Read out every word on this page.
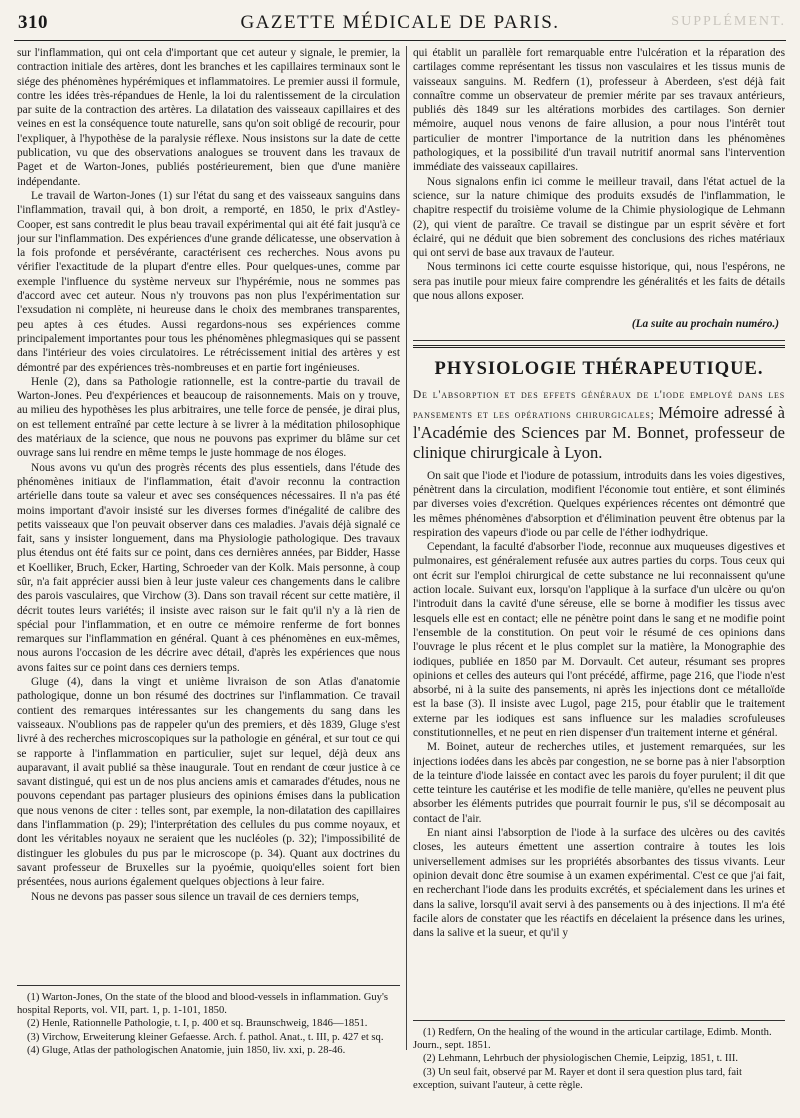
310	GAZETTE MÉDICALE DE PARIS.	SUPPLÉMENT.

sur l'inflammation, qui ont cela d'important que cet auteur y signale, le premier, la contraction initiale des artères, dont les branches et les capillaires terminaux sont le siége des phénomènes hypérémiques et inflammatoires. Le premier aussi il formule, contre les idées très-répandues de Henle, la loi du ralentissement de la circulation par suite de la contraction des artères. La dilatation des vaisseaux capillaires et des veines en est la conséquence toute naturelle, sans qu'on soit obligé de recourir, pour l'expliquer, à l'hypothèse de la paralysie réflexe. Nous insistons sur la date de cette publication, vu que des observations analogues se trouvent dans les travaux de Paget et de Warton-Jones, publiés postérieurement, bien que d'une manière indépendante.

Le travail de Warton-Jones (1) sur l'état du sang et des vaisseaux sanguins dans l'inflammation, travail qui, à bon droit, a remporté, en 1850, le prix d'Astley-Cooper, est sans contredit le plus beau travail expérimental qui ait été fait jusqu'à ce jour sur l'inflammation. Des expériences d'une grande délicatesse, une observation à la fois profonde et persévérante, caractérisent ces recherches. Nous avons pu vérifier l'exactitude de la plupart d'entre elles. Pour quelques-unes, comme par exemple l'influence du système nerveux sur l'hypérémie, nous ne sommes pas d'accord avec cet auteur. Nous n'y trouvons pas non plus l'expérimentation sur l'exsudation ni complète, ni heureuse dans le choix des membranes transparentes, peu aptes à ces études. Aussi regardons-nous ses expériences comme principalement importantes pour tous les phénomènes phlegmasiques qui se passent dans l'intérieur des voies circulatoires. Le rétrécissement initial des artères y est démontré par des expériences très-nombreuses et en partie fort ingénieuses.

Henle (2), dans sa Pathologie rationnelle, est la contre-partie du travail de Warton-Jones. Peu d'expériences et beaucoup de raisonnements. Mais on y trouve, au milieu des hypothèses les plus arbitraires, une telle force de pensée, je dirai plus, on est tellement entraîné par cette lecture à se livrer à la méditation philosophique des matériaux de la science, que nous ne pouvons pas exprimer du blâme sur cet ouvrage sans lui rendre en même temps le juste hommage de nos éloges.

Nous avons vu qu'un des progrès récents des plus essentiels, dans l'étude des phénomènes initiaux de l'inflammation, était d'avoir reconnu la contraction artérielle dans toute sa valeur et avec ses conséquences nécessaires. Il n'a pas été moins important d'avoir insisté sur les diverses formes d'inégalité de calibre des petits vaisseaux que l'on peuvait observer dans ces maladies. J'avais déjà signalé ce fait, sans y insister longuement, dans ma Physiologie pathologique. Des travaux plus étendus ont été faits sur ce point, dans ces dernières années, par Bidder, Hasse et Koelliker, Bruch, Ecker, Harting, Schroeder van der Kolk. Mais personne, à coup sûr, n'a fait apprécier aussi bien à leur juste valeur ces changements dans le calibre des parois vasculaires, que Virchow (3). Dans son travail récent sur cette matière, il décrit toutes leurs variétés; il insiste avec raison sur le fait qu'il n'y a là rien de spécial pour l'inflammation, et en outre ce mémoire renferme de fort bonnes remarques sur l'inflammation en général. Quant à ces phénomènes en eux-mêmes, nous aurons l'occasion de les décrire avec détail, d'après les expériences que nous avons faites sur ce point dans ces derniers temps.

Gluge (4), dans la vingt et unième livraison de son Atlas d'anatomie pathologique, donne un bon résumé des doctrines sur l'inflammation. Ce travail contient des remarques intéressantes sur les changements du sang dans les vaisseaux. N'oublions pas de rappeler qu'un des premiers, et dès 1839, Gluge s'est livré à des recherches microscopiques sur la pathologie en général, et sur tout ce qui se rapporte à l'inflammation en particulier, sujet sur lequel, déjà deux ans auparavant, il avait publié sa thèse inaugurale. Tout en rendant de cœur justice à ce savant distingué, qui est un de nos plus anciens amis et camarades d'études, nous ne pouvons cependant pas partager plusieurs des opinions émises dans la publication que nous venons de citer : telles sont, par exemple, la non-dilatation des capillaires dans l'inflammation (p. 29); l'interprétation des cellules du pus comme noyaux, et dont les véritables noyaux ne seraient que les nucléoles (p. 32); l'impossibilité de distinguer les globules du pus par le microscope (p. 34). Quant aux doctrines du savant professeur de Bruxelles sur la pyoémie, quoiqu'elles soient fort bien présentées, nous aurions également quelques objections à leur faire.

Nous ne devons pas passer sous silence un travail de ces derniers temps,

qui établit un parallèle fort remarquable entre l'ulcération et la réparation des cartilages comme représentant les tissus non vasculaires et les tissus munis de vaisseaux sanguins. M. Redfern (1), professeur à Aberdeen, s'est déjà fait connaître comme un observateur de premier mérite par ses travaux antérieurs, publiés dès 1849 sur les altérations morbides des cartilages. Son dernier mémoire, auquel nous venons de faire allusion, a pour nous l'intérêt tout particulier de montrer l'importance de la nutrition dans les phénomènes pathologiques, et la possibilité d'un travail nutritif anormal sans l'intervention immédiate des vaisseaux capillaires.

Nous signalons enfin ici comme le meilleur travail, dans l'état actuel de la science, sur la nature chimique des produits exsudés de l'inflammation, le chapitre respectif du troisième volume de la Chimie physiologique de Lehmann (2), qui vient de paraître. Ce travail se distingue par un esprit sévère et fort éclairé, qui ne déduit que bien sobrement des conclusions des riches matériaux qui ont servi de base aux travaux de l'auteur.

Nous terminons ici cette courte esquisse historique, qui, nous l'espérons, ne sera pas inutile pour mieux faire comprendre les généralités et les faits de détails que nous allons exposer.

(La suite au prochain numéro.)

PHYSIOLOGIE THÉRAPEUTIQUE.
De l'absorption et des effets généraux de l'iode employé dans les pansements et les opérations chirurgicales; Mémoire adressé à l'Académie des Sciences par M. Bonnet, professeur de clinique chirurgicale à Lyon.

On sait que l'iode et l'iodure de potassium, introduits dans les voies digestives, pénètrent dans la circulation, modifient l'économie tout entière, et sont éliminés par diverses voies d'excrétion. Quelques expériences récentes ont démontré que les mêmes phénomènes d'absorption et d'élimination peuvent être obtenus par la respiration des vapeurs d'iode ou par celle de l'éther iodhydrique.

Cependant, la faculté d'absorber l'iode, reconnue aux muqueuses digestives et pulmonaires, est généralement refusée aux autres parties du corps. Tous ceux qui ont écrit sur l'emploi chirurgical de cette substance ne lui reconnaissent qu'une action locale. Suivant eux, lorsqu'on l'applique à la surface d'un ulcère ou qu'on l'introduit dans la cavité d'une séreuse, elle se borne à modifier les tissus avec lesquels elle est en contact; elle ne pénètre point dans le sang et ne modifie point l'ensemble de la constitution. On peut voir le résumé de ces opinions dans l'ouvrage le plus récent et le plus complet sur la matière, la Monographie des iodiques, publiée en 1850 par M. Dorvault. Cet auteur, résumant ses propres opinions et celles des auteurs qui l'ont précédé, affirme, page 216, que l'iode n'est absorbé, ni à la suite des pansements, ni après les injections dont ce métalloïde est la base (3). Il insiste avec Lugol, page 215, pour établir que le traitement externe par les iodiques est sans influence sur les maladies scrofuleuses constitutionnelles, et ne peut en rien dispenser d'un traitement interne et général.

M. Boinet, auteur de recherches utiles, et justement remarquées, sur les injections iodées dans les abcès par congestion, ne se borne pas à nier l'absorption de la teinture d'iode laissée en contact avec les parois du foyer purulent; il dit que cette teinture les cautérise et les modifie de telle manière, qu'elles ne peuvent plus absorber les éléments putrides que pourrait fournir le pus, s'il se décomposait au contact de l'air.

En niant ainsi l'absorption de l'iode à la surface des ulcères ou des cavités closes, les auteurs émettent une assertion contraire à toutes les lois universellement admises sur les propriétés absorbantes des tissus vivants. Leur opinion devait donc être soumise à un examen expérimental. C'est ce que j'ai fait, en recherchant l'iode dans les produits excrétés, et spécialement dans les urines et dans la salive, lorsqu'il avait servi à des pansements ou à des injections. Il m'a été facile alors de constater que les réactifs en décelaient la présence dans les urines, dans la salive et la sueur, et qu'il y

(1) Warton-Jones, On the state of the blood and blood-vessels in inflammation. Guy's hospital Reports, vol. VII, part. 1, p. 1-101, 1850.

(2) Henle, Rationnelle Pathologie, t. I, p. 400 et sq. Braunschweig, 1846—1851.

(3) Virchow, Erweiterung kleiner Gefaesse. Arch. f. pathol. Anat., t. III, p. 427 et sq.

(4) Gluge, Atlas der pathologischen Anatomie, juin 1850, liv. xxi, p. 28-46.

(1) Redfern, On the healing of the wound in the articular cartilage, Edimb. Month. Journ., sept. 1851.

(2) Lehmann, Lehrbuch der physiologischen Chemie, Leipzig, 1851, t. III.

(3) Un seul fait, observé par M. Rayer et dont il sera question plus tard, fait exception, suivant l'auteur, à cette règle.
